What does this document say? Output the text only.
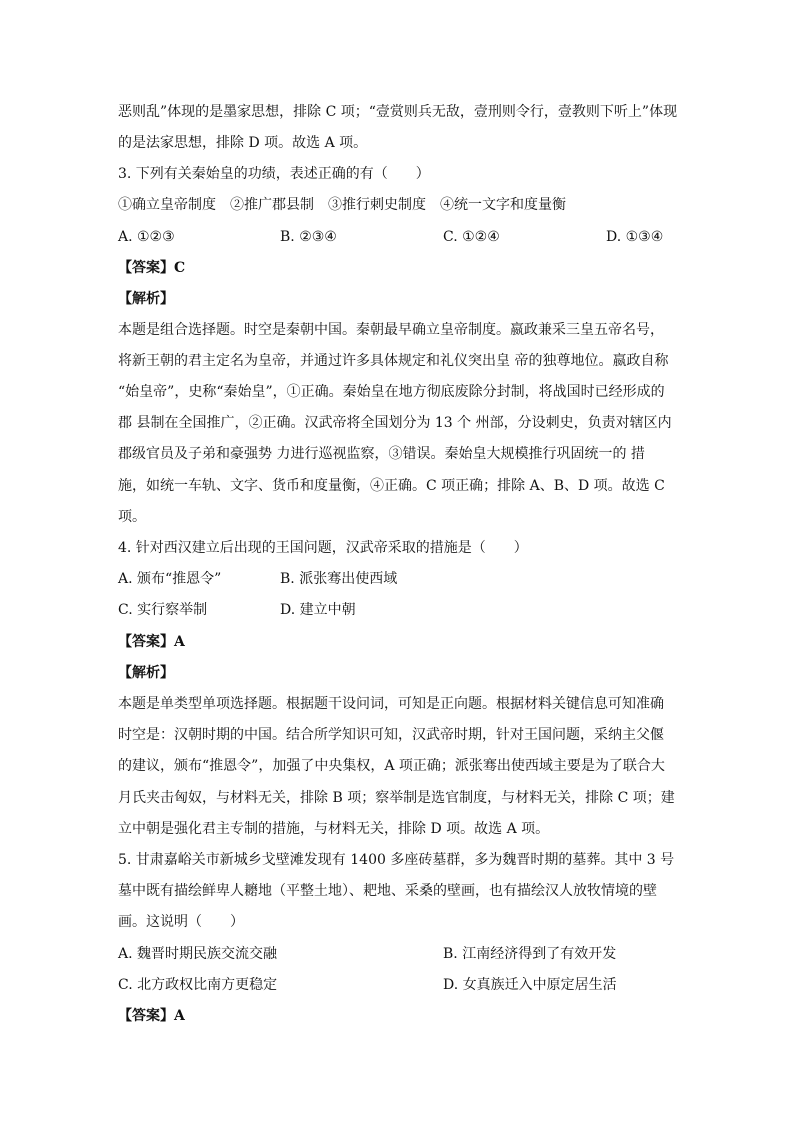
恶则乱”体现的是墨家思想，排除 C 项；“壹赏则兵无敌，壹刑则令行，壹教则下听上”体现
的是法家思想，排除 D 项。故选 A 项。
3. 下列有关秦始皇的功绩，表述正确的有（　　）
①确立皇帝制度　②推广郡县制　③推行刺史制度　④统一文字和度量衡
A. ①②③	B. ②③④	C. ①②④	D. ①③④
【答案】C
【解析】
本题是组合选择题。时空是秦朝中国。秦朝最早确立皇帝制度。嬴政兼采三皇五帝名号，
将新王朝的君主定名为皇帝，并通过许多具体规定和礼仪突出皇 帝的独尊地位。嬴政自称
“始皇帝”，史称“秦始皇”，①正确。秦始皇在地方彻底废除分封制，将战国时已经形成的
郡 县制在全国推广，②正确。汉武帝将全国划分为 13 个 州部，分设刺史，负责对辖区内
郡级官员及子弟和豪强势 力进行巡视监察，③错误。秦始皇大规模推行巩固统一的 措
施，如统一车轨、文字、货币和度量衡，④正确。C 项正确；排除 A、B、D 项。故选 C
项。
4. 针对西汉建立后出现的王国问题，汉武帝采取的措施是（　　）
A. 颁布“推恩令”	B. 派张骞出使西域
C. 实行察举制	D. 建立中朝
【答案】A
【解析】
本题是单类型单项选择题。根据题干设问词，可知是正向题。根据材料关键信息可知准确
时空是：汉朝时期的中国。结合所学知识可知，汉武帝时期，针对王国问题，采纳主父偃
的建议，颁布“推恩令”，加强了中央集权，A 项正确；派张骞出使西域主要是为了联合大
月氏夹击匈奴，与材料无关，排除 B 项；察举制是选官制度，与材料无关，排除 C 项；建
立中朝是强化君主专制的措施，与材料无关，排除 D 项。故选 A 项。
5. 甘肃嘉峪关市新城乡戈壁滩发现有 1400 多座砖墓群，多为魏晋时期的墓葬。其中 3 号
墓中既有描绘鲜卑人耱地（平整土地）、耙地、采桑的壁画，也有描绘汉人放牧情境的壁
画。这说明（　　）
A. 魏晋时期民族交流交融	B. 江南经济得到了有效开发
C. 北方政权比南方更稳定	D. 女真族迁入中原定居生活
【答案】A
